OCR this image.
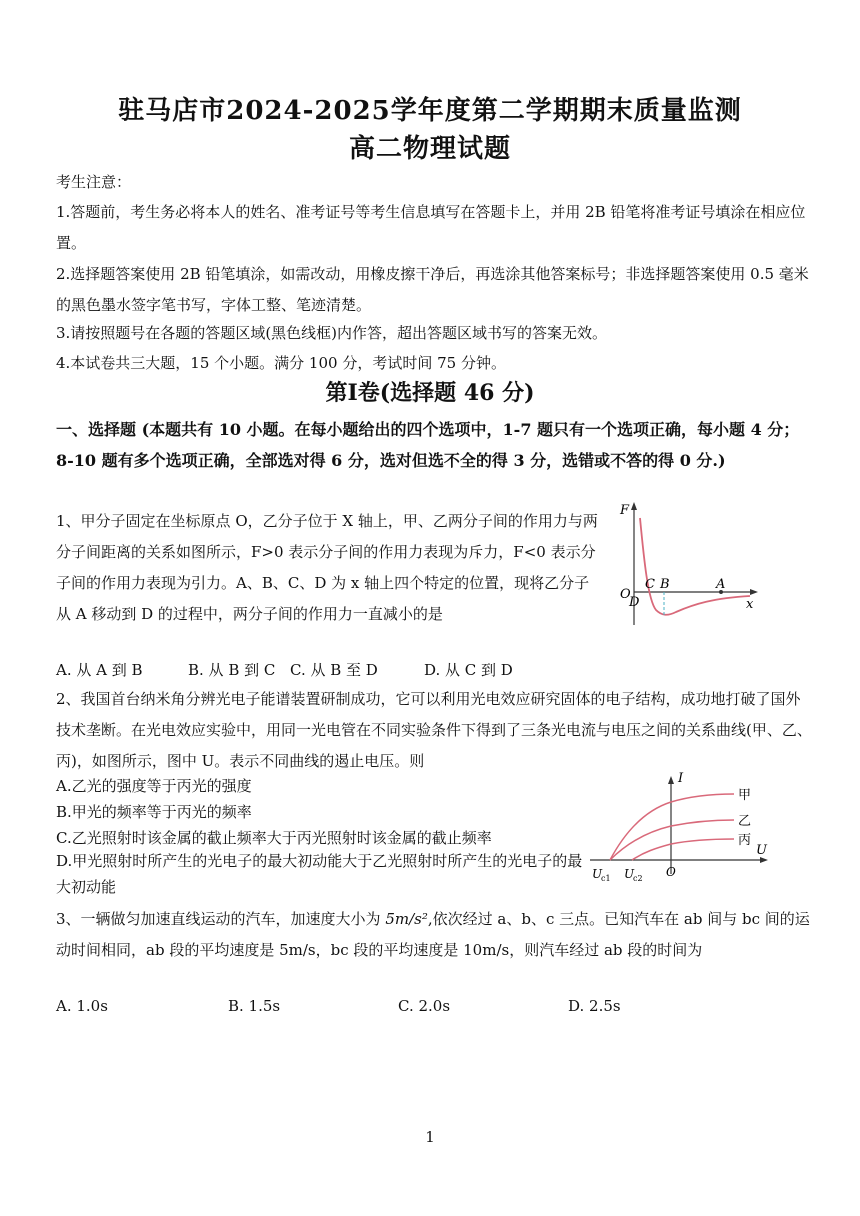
驻马店市2024-2025学年度第二学期期末质量监测
高二物理试题
考生注意：
1.答题前，考生务必将本人的姓名、准考证号等考生信息填写在答题卡上，并用 2B 铅笔将准考证号填涂在相应位置。
2.选择题答案使用 2B 铅笔填涂，如需改动，用橡皮擦干净后，再选涂其他答案标号；非选择题答案使用 0.5 毫米的黑色墨水签字笔书写，字体工整、笔迹清楚。
3.请按照题号在各题的答题区域(黑色线框)内作答，超出答题区域书写的答案无效。
4.本试卷共三大题，15 个小题。满分 100 分，考试时间 75 分钟。
第Ⅰ卷(选择题 46 分)
一、选择题 (本题共有 10 小题。在每小题给出的四个选项中，1-7 题只有一个选项正确，每小题 4 分；8-10 题有多个选项正确，全部选对得 6 分，选对但选不全的得 3 分，选错或不答的得 0 分.)
1、甲分子固定在坐标原点 O，乙分子位于 X 轴上，甲、乙两分子间的作用力与两分子间距离的关系如图所示，F>0 表示分子间的作用力表现为斥力，F<0 表示分子间的作用力表现为引力。A、B、C、D 为 x 轴上四个特定的位置，现将乙分子从 A 移动到 D 的过程中，两分子间的作用力一直减小的是
F
O
x
C B	A
D
A. 从 A 到 B	B. 从 B 到 C C. 从 B 至 D	D. 从 C 到 D
2、我国首台纳米角分辨光电子能谱装置研制成功，它可以利用光电效应研究固体的电子结构，成功地打破了国外技术垄断。在光电效应实验中，用同一光电管在不同实验条件下得到了三条光电流与电压之间的关系曲线(甲、乙、丙)，如图所示，图中 U。表示不同曲线的遏止电压。则
A.乙光的强度等于丙光的强度
B.甲光的频率等于丙光的频率
C.乙光照射时该金属的截止频率大于丙光照射时该金属的截止频率
D.甲光照射时所产生的光电子的最大初动能大于乙光照射时所产生的光电子的最大初动能
I
U
O
甲
乙
丙
U
c1 U
c2
3、一辆做匀加速直线运动的汽车，加速度大小为 5m/s²,依次经过 a、b、c 三点。已知汽车在 ab 间与 bc 间的运动时间相同，ab 段的平均速度是 5m/s，bc 段的平均速度是 10m/s，则汽车经过 ab 段的时间为
A. 1.0s	B. 1.5s	C. 2.0s	D. 2.5s
1
